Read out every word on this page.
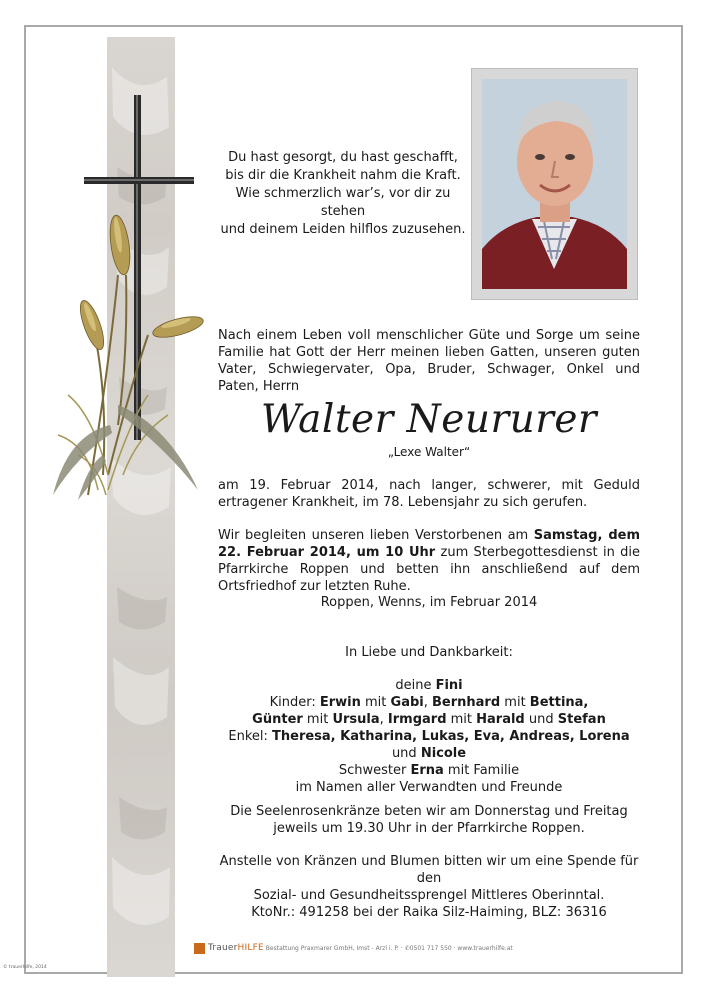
Du hast gesorgt, du hast geschafft,
bis dir die Krankheit nahm die Kraft.
Wie schmerzlich war’s, vor dir zu stehen
und deinem Leiden hilflos zuzusehen.
Nach einem Leben voll menschlicher Güte und Sorge um seine Familie hat Gott der Herr meinen lieben Gatten, unseren guten Vater, Schwiegervater, Opa, Bruder, Schwager, Onkel und Paten, Herrn
Walter Neururer
„Lexe Walter“
am 19. Februar 2014, nach langer, schwerer, mit Geduld ertragener Krankheit, im 78. Lebensjahr zu sich gerufen.
Wir begleiten unseren lieben Verstorbenen am Samstag, dem 22. Februar 2014, um 10 Uhr zum Sterbegottesdienst in die Pfarrkirche Roppen und betten ihn anschließend auf dem Ortsfriedhof zur letzten Ruhe.
Roppen, Wenns, im Februar 2014
In Liebe und Dankbarkeit:
deine Fini
Kinder: Erwin mit Gabi, Bernhard mit Bettina,
Günter mit Ursula, Irmgard mit Harald und Stefan
Enkel: Theresa, Katharina, Lukas, Eva, Andreas, Lorena und Nicole
Schwester Erna mit Familie
im Namen aller Verwandten und Freunde
Die Seelenrosenkränze beten wir am Donnerstag und Freitag jeweils um 19.30 Uhr in der Pfarrkirche Roppen.
Anstelle von Kränzen und Blumen bitten wir um eine Spende für den
Sozial- und Gesundheitssprengel Mittleres Oberinntal.
KtoNr.: 491258 bei der Raika Silz-Haiming, BLZ: 36316
TrauerHILFE Bestattung Praxmarer GmbH, Imst - Arzl i. P. · ✆0501 717 550 · www.trauerhilfe.at
© trauerhilfe, 2014
